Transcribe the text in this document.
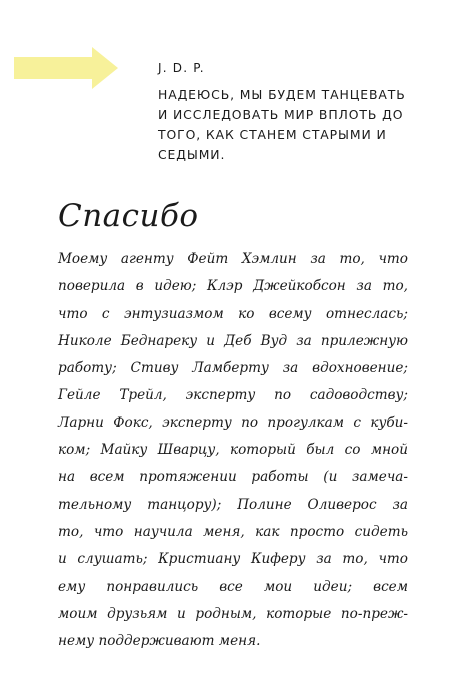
J. D. P.
НАДЕЮСЬ, МЫ БУДЕМ ТАНЦЕВАТЬ
И ИССЛЕДОВАТЬ МИР ВПЛОТЬ ДО
ТОГО, КАК СТАНЕМ СТАРЫМИ И
СЕДЫМИ.
Спасибо

Моему агенту Фейт Хэмлин за то, что
поверила в идею; Клэр Джейкобсон за то,
что с энтузиазмом ко всему отнеслась;
Николе Беднареку и Деб Вуд за прилежную
работу; Стиву Ламберту за вдохновение;
Гейле Трейл, эксперту по садоводству;
Ларни Фокс, эксперту по прогулкам с куби-
ком; Майку Шварцу, который был со мной
на всем протяжении работы (и замеча-
тельному танцору); Полине Оливерос за
то, что научила меня, как просто сидеть
и слушать; Кристиану Киферу за то, что
ему понравились все мои идеи; всем
моим друзьям и родным, которые по-преж-
нему поддерживают меня.
